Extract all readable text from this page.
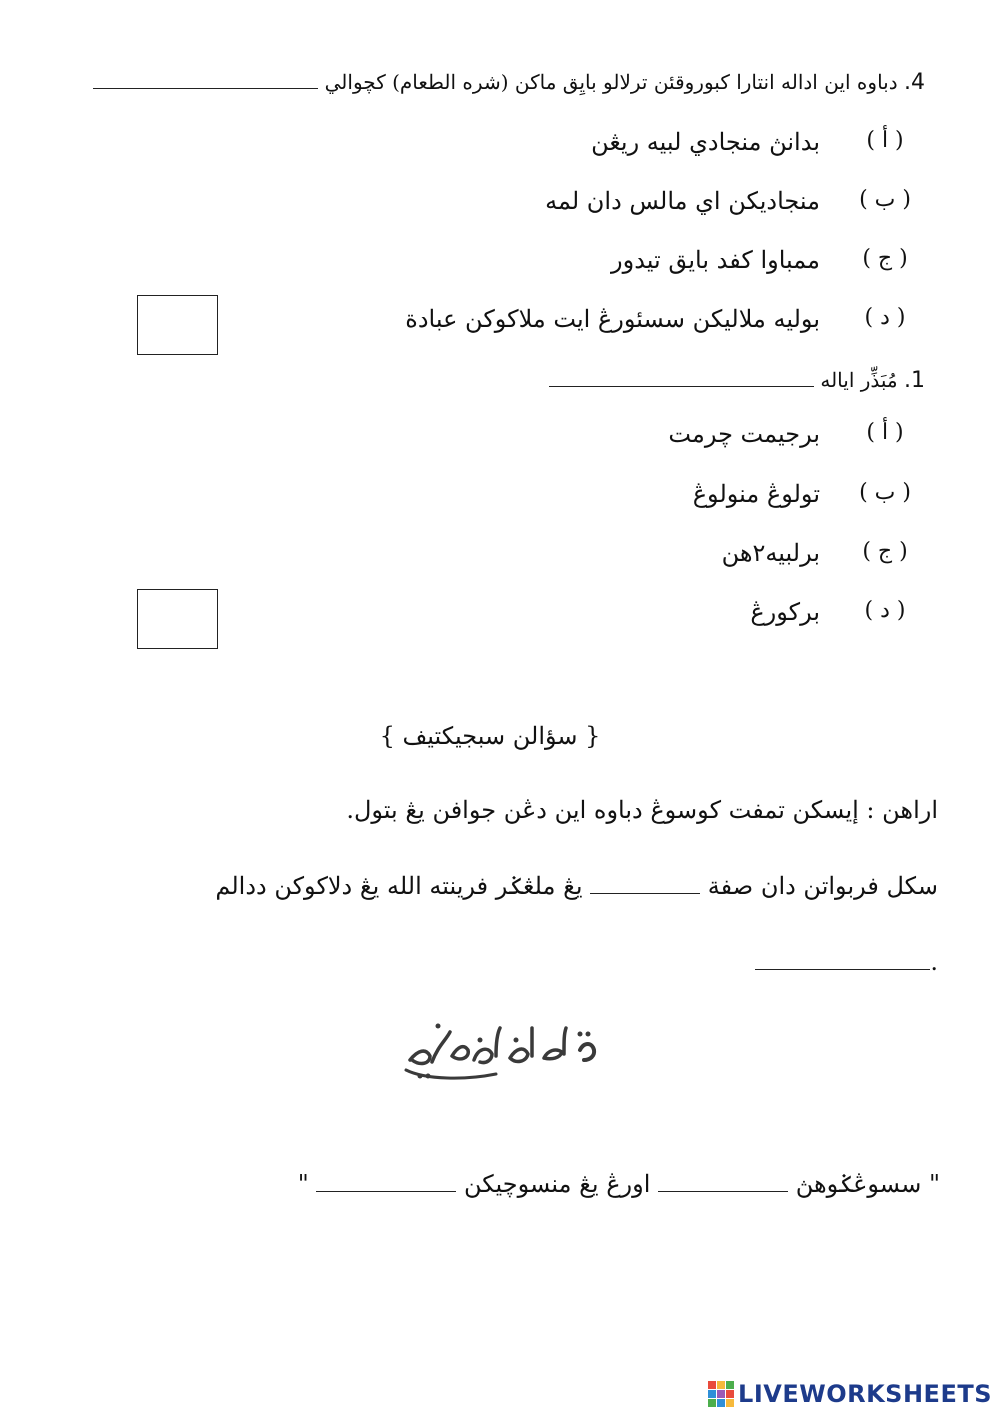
4. دباوه اين اداله انتارا كبوروقئن ترلالو بايِق ماكن (شره الطعام) كچوالي
( أ )
بدانڽ منجادي لبيه ريڠن
( ب )
منجاديكن اي مالس دان لمه
( ج )
ممباوا كفد بايق تيدور
( د )
بوليه ملاليكن سسئورڠ ايت ملاكوكن عبادة
1. مُبَذِّر اياله
( أ )
برجيمت چرمت
( ب )
تولوڠ منولوڠ
( ج )
برلبيه٢هن
( د )
بركورڠ
{ سؤالن سبجيكتيف }
اراهن : إيسكن تمفت كوسوڠ دباوه اين دڠن جوافن يڠ بتول.
سكل فربواتن دان صفة  يڠ ملڠݢر فرينته الله يڠ دلاكوكن ددالم
.
" سسوڠݢوهڽ  اورڠ يڠ منسوچيكن  "
LIVEWORKSHEETS
